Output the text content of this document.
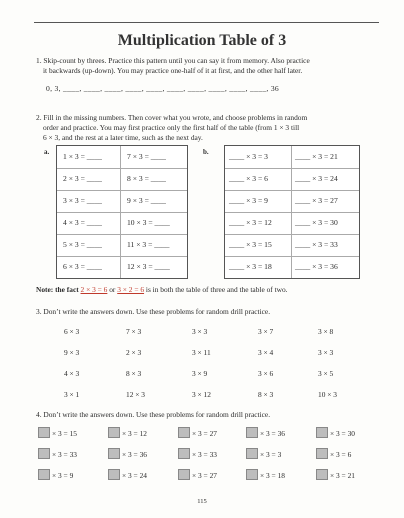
Multiplication Table of 3
1. Skip-count by threes. Practice this pattern until you can say it from memory. Also practice
it backwards (up-down). You may practice one-half of it at first, and the other half later.
0, 3, ____, ____, ____, ____, ____, ____, ____, ____, ____, ____, 36
2. Fill in the missing numbers. Then cover what you wrote, and choose problems in random
order and practice. You may first practice only the first half of the table (from 1 × 3 till
6 × 3, and the rest at a later time, such as the next day.
a.	b.
1 × 3 = ____	7 × 3 = ____
2 × 3 = ____	8 × 3 = ____
3 × 3 = ____	9 × 3 = ____
4 × 3 = ____	10 × 3 = ____
5 × 3 = ____	11 × 3 = ____
6 × 3 = ____	12 × 3 = ____
____ × 3 = 3	____ × 3 = 21
____ × 3 = 6	____ × 3 = 24
____ × 3 = 9	____ × 3 = 27
____ × 3 = 12	____ × 3 = 30
____ × 3 = 15	____ × 3 = 33
____ × 3 = 18	____ × 3 = 36
Note: the fact 2 × 3 = 6 or 3 × 2 = 6 is in both the table of three and the table of two.
3. Don’t write the answers down. Use these problems for random drill practice.
6 × 3	7 × 3	3 × 3	3 × 7	3 × 8
9 × 3	2 × 3	3 × 11	3 × 4	3 × 3
4 × 3	8 × 3	3 × 9	3 × 6	3 × 5
3 × 1	12 × 3	3 × 12	8 × 3	10 × 3
4. Don’t write the answers down. Use these problems for random drill practice.
× 3 = 15	× 3 = 12	× 3 = 27	× 3 = 36	× 3 = 30
× 3 = 33	× 3 = 36	× 3 = 33	× 3 = 3	× 3 = 6
× 3 = 9	× 3 = 24	× 3 = 27	× 3 = 18	× 3 = 21
115
